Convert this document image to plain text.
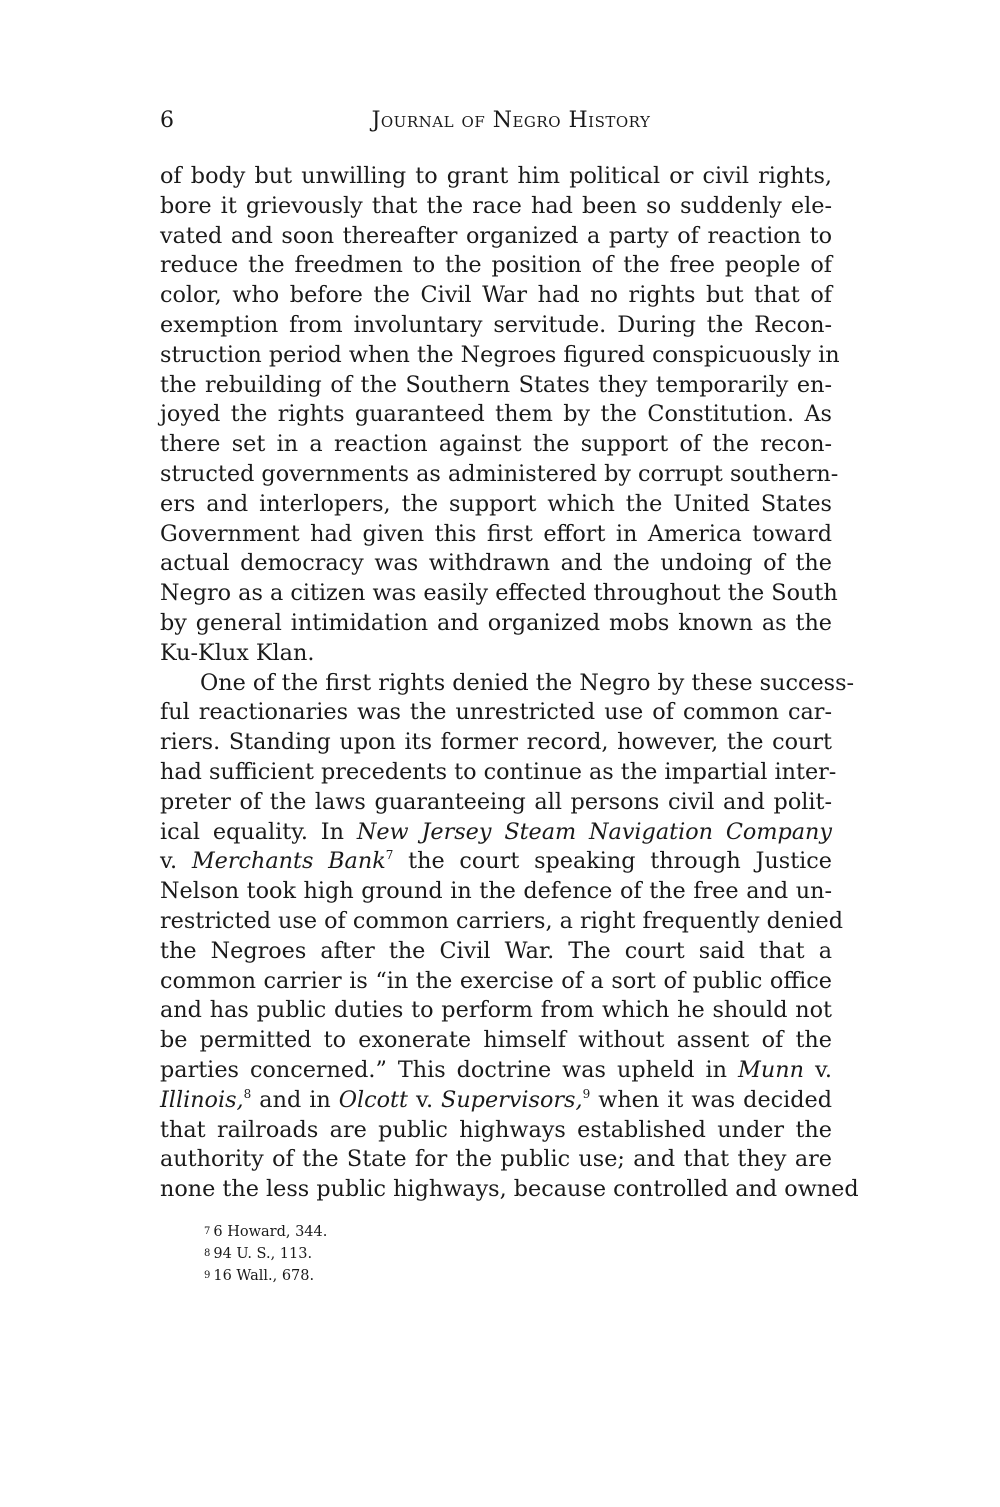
6	Journal of Negro History
of body but unwilling to grant him political or civil rights,
bore it grievously that the race had been so suddenly ele-
vated and soon thereafter organized a party of reaction to
reduce the freedmen to the position of the free people of
color, who before the Civil War had no rights but that of
exemption from involuntary servitude. During the Recon-
struction period when the Negroes figured conspicuously in
the rebuilding of the Southern States they temporarily en-
joyed the rights guaranteed them by the Constitution. As
there set in a reaction against the support of the recon-
structed governments as administered by corrupt southern-
ers and interlopers, the support which the United States
Government had given this first effort in America toward
actual democracy was withdrawn and the undoing of the
Negro as a citizen was easily effected throughout the South
by general intimidation and organized mobs known as the
Ku-Klux Klan.
One of the first rights denied the Negro by these success-
ful reactionaries was the unrestricted use of common car-
riers. Standing upon its former record, however, the court
had sufficient precedents to continue as the impartial inter-
preter of the laws guaranteeing all persons civil and polit-
ical equality. In New Jersey Steam Navigation Company
v. Merchants Bank$^7$ the court speaking through Justice
Nelson took high ground in the defence of the free and un-
restricted use of common carriers, a right frequently denied
the Negroes after the Civil War. The court said that a
common carrier is “in the exercise of a sort of public office
and has public duties to perform from which he should not
be permitted to exonerate himself without assent of the
parties concerned.” This doctrine was upheld in Munn v.
Illinois,$^8$ and in Olcott v. Supervisors,$^9$ when it was decided
that railroads are public highways established under the
authority of the State for the public use; and that they are
none the less public highways, because controlled and owned
7 6 Howard, 344.
8 94 U. S., 113.
9 16 Wall., 678.
